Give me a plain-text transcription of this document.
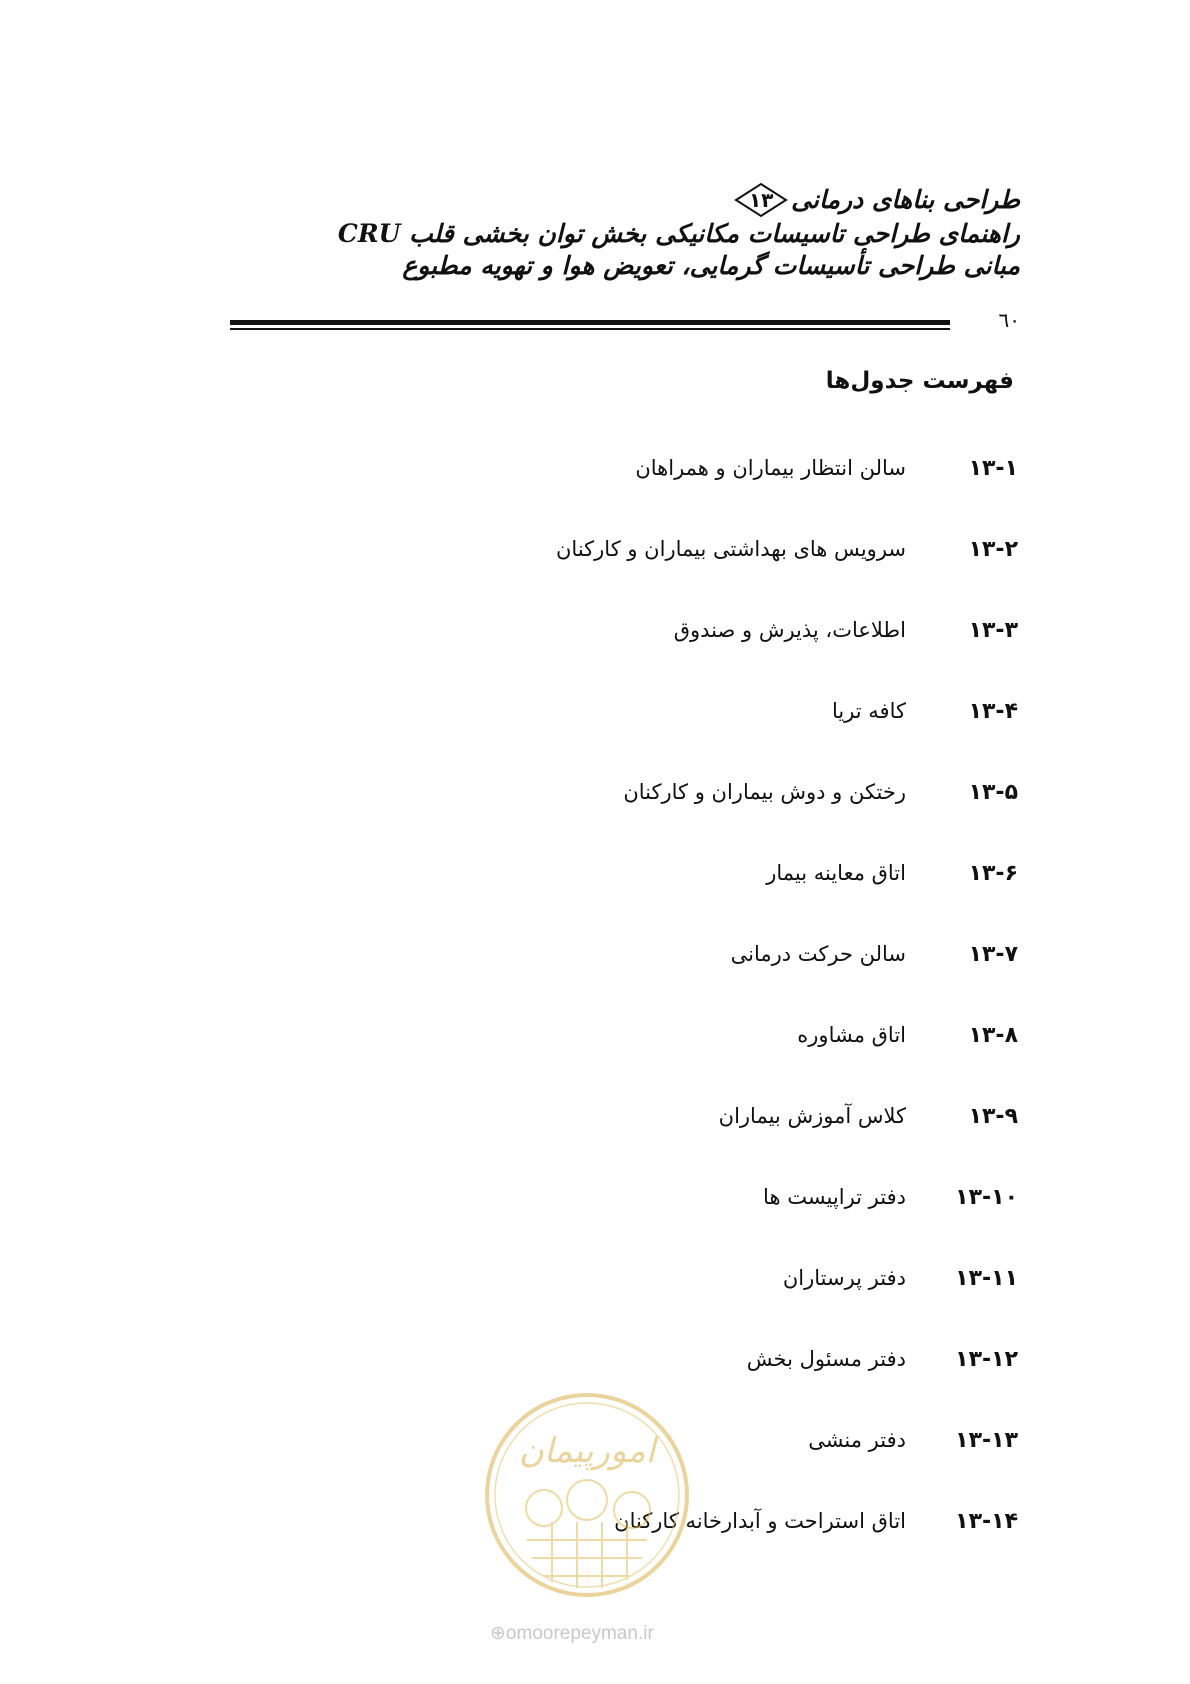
طراحی بناهای درمانی
۱۳
راهنمای طراحی تاسیسات مکانیکی بخش توان بخشی قلب CRU
مبانی طراحی تأسیسات گرمایی، تعویض هوا و تهویه مطبوع
٦٠
فهرست جدول‌ها
۱۳-۱
سالن انتظار بیماران و همراهان
۱۳-۲
سرویس های بهداشتی بیماران و کارکنان
۱۳-۳
اطلاعات، پذیرش و صندوق
۱۳-۴
کافه تریا
۱۳-۵
رختکن و دوش بیماران و کارکنان
۱۳-۶
اتاق معاینه بیمار
۱۳-۷
سالن حرکت درمانی
۱۳-۸
اتاق مشاوره
۱۳-۹
کلاس آموزش بیماران
۱۳-۱۰
دفتر تراپیست ها
۱۳-۱۱
دفتر پرستاران
۱۳-۱۲
دفتر مسئول بخش
۱۳-۱۳
دفتر منشی
۱۳-۱۴
اتاق استراحت و آبدارخانه کارکنان
امورپیمان
⊕omoorepeyman.ir
